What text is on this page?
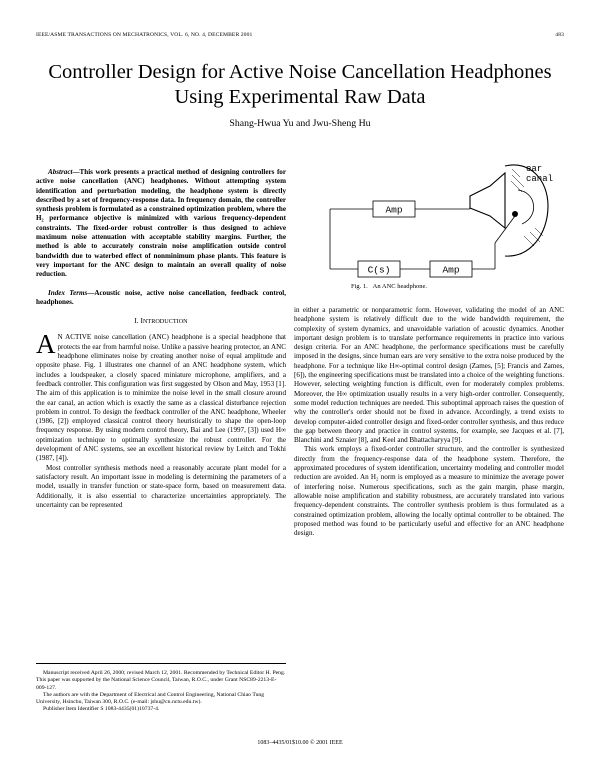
IEEE/ASME TRANSACTIONS ON MECHATRONICS, VOL. 6, NO. 4, DECEMBER 2001	483
Controller Design for Active Noise Cancellation Headphones Using Experimental Raw Data
Shang-Hwua Yu and Jwu-Sheng Hu

Abstract—This work presents a practical method of designing controllers for active noise cancellation (ANC) headphones. Without attempting system identification and perturbation modeling, the headphone system is directly described by a set of frequency-response data. In frequency domain, the controller synthesis problem is formulated as a constrained optimization problem, where the H₂ performance objective is minimized with various frequency-dependent constraints. The fixed-order robust controller is thus designed to achieve maximum noise attenuation with acceptable stability margins. Further, the method is able to accurately constrain noise amplification outside control bandwidth due to waterbed effect of nonminimum phase plants. This feature is very important for the ANC design to maintain an overall quality of noise reduction.

Index Terms—Acoustic noise, active noise cancellation, feedback control, headphones.

I. INTRODUCTION

A N ACTIVE noise cancellation (ANC) headphone is a special headphone that protects the ear from harmful noise. Unlike a passive hearing protector, an ANC headphone eliminates noise by creating another noise of equal amplitude and opposite phase. Fig. 1 illustrates one channel of an ANC headphone system, which includes a loudspeaker, a closely spaced miniature microphone, amplifiers, and a feedback controller. This configuration was first suggested by Olson and May, 1953 [1]. The aim of this application is to minimize the noise level in the small closure around the ear canal, an action which is exactly the same as a classical disturbance rejection problem in control. To design the feedback controller of the ANC headphone, Wheeler (1986, [2]) employed classical control theory heuristically to shape the open-loop frequency response. By using modern control theory, Bai and Lee (1997, [3]) used H∞ optimization technique to optimally synthesize the robust controller. For the development of ANC systems, see an excellent historical review by Leitch and Tokhi (1987, [4]).

Most controller synthesis methods need a reasonably accurate plant model for a satisfactory result. An important issue in modeling is determining the parameters of a model, usually in transfer function or state-space form, based on measurement data. Additionally, it is also essential to characterize uncertainties appropriately. The uncertainty can be represented

Amp
C(s)	Amp
ear
canal
Fig. 1. An ANC headphone.

in either a parametric or nonparametric form. However, validating the model of an ANC headphone system is relatively difficult due to the wide bandwidth requirement, the complexity of system dynamics, and unavoidable variation of acoustic dynamics. Another important design problem is to translate performance requirements in practice into various design criteria. For an ANC headphone, the performance specifications must be carefully imposed in the designs, since human ears are very sensitive to the extra noise produced by the headphone. For a technique like H∞-optimal control design (Zames, [5]; Francis and Zames, [6]), the engineering specifications must be translated into a choice of the weighting functions. However, selecting weighting function is difficult, even for moderately complex problems. Moreover, the H∞ optimization usually results in a very high-order controller. Consequently, some model reduction techniques are needed. This suboptimal approach raises the question of why the controller's order should not be fixed in advance. Accordingly, a trend exists to develop computer-aided controller design and fixed-order controller synthesis, and thus reduce the gap between theory and practice in control systems, for example, see Jacques et al. [7], Blanchini and Sznaier [8], and Keel and Bhattacharyya [9].

This work employs a fixed-order controller structure, and the controller is synthesized directly from the frequency-response data of the headphone system. Therefore, the approximated procedures of system identification, uncertainty modeling and controller model reduction are avoided. An H₂ norm is employed as a measure to minimize the average power of interfering noise. Numerous specifications, such as the gain margin, phase margin, allowable noise amplification and stability robustness, are accurately translated into various frequency-dependent constraints. The controller synthesis problem is thus formulated as a constrained optimization problem, allowing the locally optimal controller to be obtained. The proposed method was found to be particularly useful and effective for an ANC headphone design.

Manuscript received April 26, 2000; revised March 12, 2001. Recommended by Technical Editor H. Peng. This paper was supported by the National Science Council, Taiwan, R.O.C., under Grant NSC89-2213-E-009-127.

The authors are with the Department of Electrical and Control Engineering, National Chiao Tung University, Hsinchu, Taiwan 300, R.O.C. (e-mail: jshu@cn.nctu.edu.tw).

Publisher Item Identifier S 1083-4435(01)10737-4.

1083–4435/01$10.00 © 2001 IEEE
